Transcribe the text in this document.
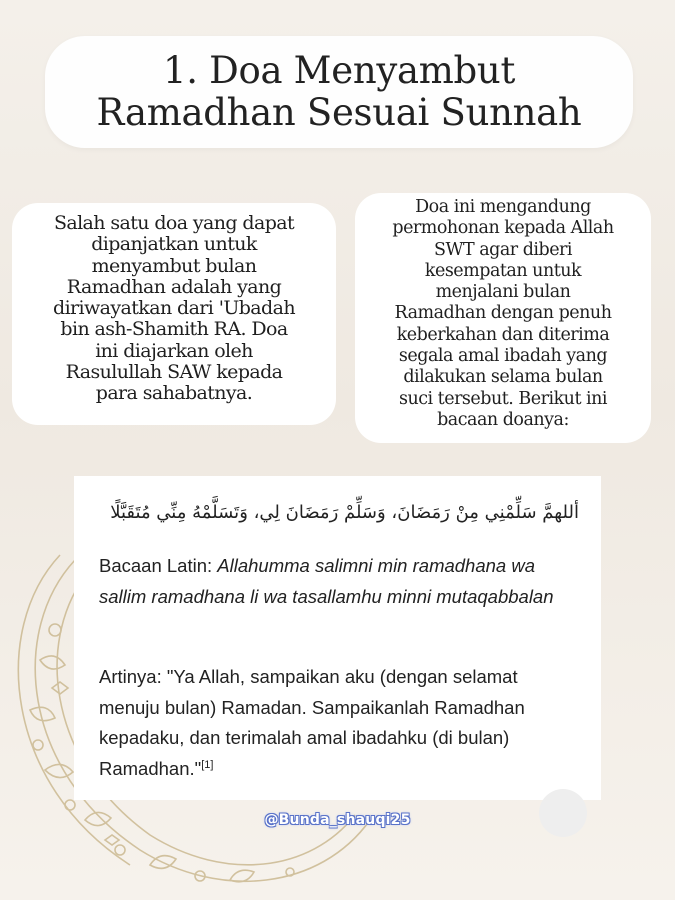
1. Doa Menyambut
Ramadhan Sesuai Sunnah
Salah satu doa yang dapat
dipanjatkan untuk
menyambut bulan
Ramadhan adalah yang
diriwayatkan dari 'Ubadah
bin ash-Shamith RA. Doa
ini diajarkan oleh
Rasulullah SAW kepada
para sahabatnya.
Doa ini mengandung
permohonan kepada Allah
SWT agar diberi
kesempatan untuk
menjalani bulan
Ramadhan dengan penuh
keberkahan dan diterima
segala amal ibadah yang
dilakukan selama bulan
suci tersebut. Berikut ini
bacaan doanya:
أللهمَّ سَلِّمْنِي مِنْ رَمَضَانَ، وَسَلِّمْ رَمَضَانَ لِي، وَتَسَلَّمْهُ مِنِّي مُتَقَبَّلًا
Bacaan Latin: Allahumma salimni min ramadhana wa sallim ramadhana li wa tasallamhu minni mutaqabbalan
Artinya: "Ya Allah, sampaikan aku (dengan selamat menuju bulan) Ramadan. Sampaikanlah Ramadhan kepadaku, dan terimalah amal ibadahku (di bulan) Ramadhan."[1]
@Bunda_shauqi25
